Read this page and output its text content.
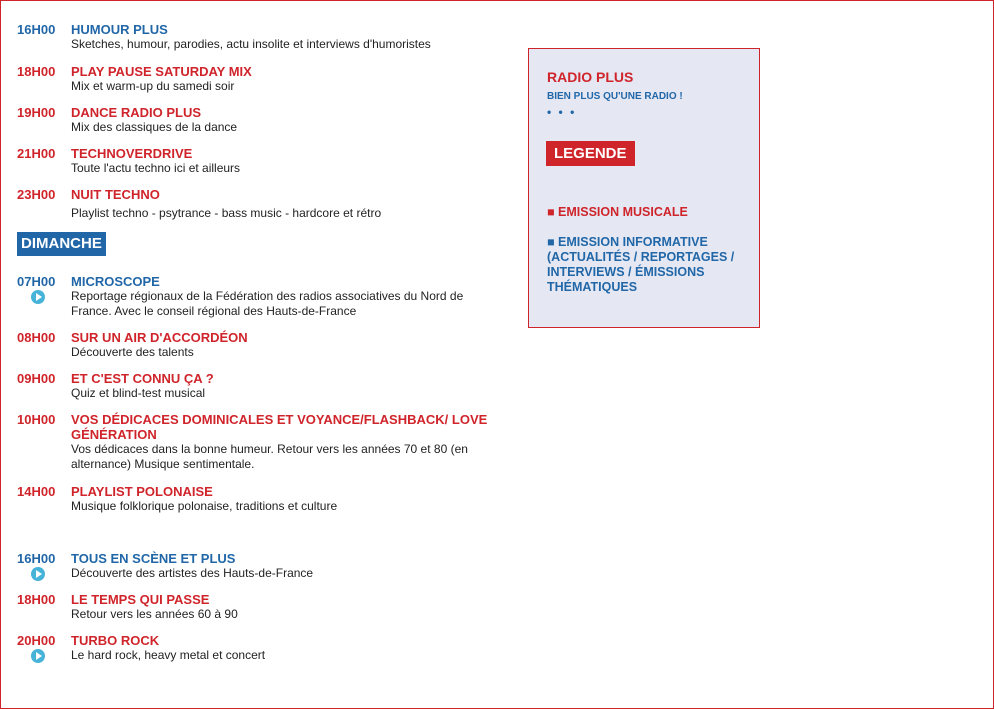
16H00	HUMOUR PLUS
Sketches, humour, parodies, actu insolite et interviews d'humoristes
18H00	PLAY PAUSE SATURDAY MIX
Mix et warm-up du samedi soir
19H00	DANCE RADIO PLUS
Mix des classiques de la dance
21H00	TECHNOVERDRIVE
Toute l'actu techno ici et ailleurs
23H00	NUIT TECHNO
Playlist techno - psytrance - bass music - hardcore et rétro
07H00	MICROSCOPE
Reportage régionaux de la Fédération des radios associatives du Nord de France. Avec le conseil régional des Hauts-de-France
08H00	SUR UN AIR D'ACCORDÉON
Découverte des talents
09H00	ET C'EST CONNU ÇA ?
Quiz et blind-test musical
10H00	VOS DÉDICACES DOMINICALES ET VOYANCE/FLASHBACK/ LOVE GÉNÉRATION
Vos dédicaces dans la bonne humeur. Retour vers les années 70 et 80 (en alternance) Musique sentimentale.
14H00	PLAYLIST POLONAISE
Musique folklorique polonaise, traditions et culture
16H00	TOUS EN SCÈNE ET PLUS
Découverte des artistes des Hauts-de-France
18H00	LE TEMPS QUI PASSE
Retour vers les années 60 à 90
20H00	TURBO ROCK
Le hard rock, heavy metal et concert
DIMANCHE
RADIO PLUS
BIEN PLUS QU'UNE RADIO !
• • •
LEGENDE
■ EMISSION MUSICALE
■ EMISSION INFORMATIVE (ACTUALITÉS / REPORTAGES / INTERVIEWS / ÉMISSIONS THÉMATIQUES
